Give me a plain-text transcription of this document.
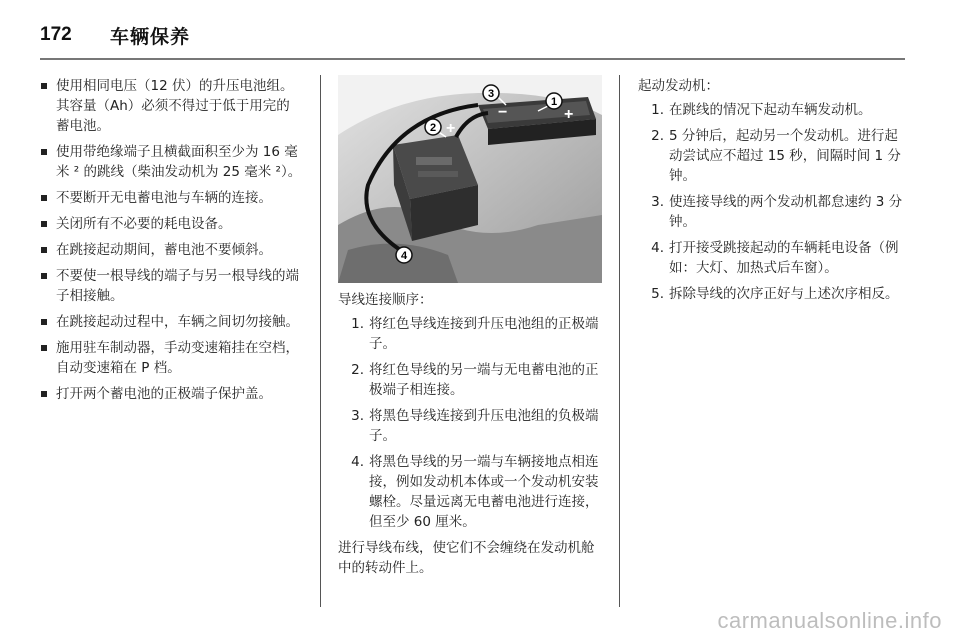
172	车辆保养
使用相同电压（12 伏）的升压电池组。其容量（Ah）必须不得过于低于用完的蓄电池。
使用带绝缘端子且横截面积至少为 16 毫米 ² 的跳线（柴油发动机为 25 毫米 ²）。
不要断开无电蓄电池与车辆的连接。
关闭所有不必要的耗电设备。
在跳接起动期间，蓄电池不要倾斜。
不要使一根导线的端子与另一根导线的端子相接触。
在跳接起动过程中，车辆之间切勿接触。
施用驻车制动器，手动变速箱挂在空档，自动变速箱在 P 档。
打开两个蓄电池的正极端子保护盖。
1
2
3
4
+
+
−
导线连接顺序：
1. 将红色导线连接到升压电池组的正极端子。
2. 将红色导线的另一端与无电蓄电池的正极端子相连接。
3. 将黑色导线连接到升压电池组的负极端子。
4. 将黑色导线的另一端与车辆接地点相连接，例如发动机本体或一个发动机安装螺栓。尽量远离无电蓄电池进行连接，但至少 60 厘米。
进行导线布线，使它们不会缠绕在发动机舱中的转动件上。
起动发动机：
1. 在跳线的情况下起动车辆发动机。
2. 5 分钟后，起动另一个发动机。进行起动尝试应不超过 15 秒，间隔时间 1 分钟。
3. 使连接导线的两个发动机都怠速约 3 分钟。
4. 打开接受跳接起动的车辆耗电设备（例如：大灯、加热式后车窗）。
5. 拆除导线的次序正好与上述次序相反。
carmanualsonline.info
